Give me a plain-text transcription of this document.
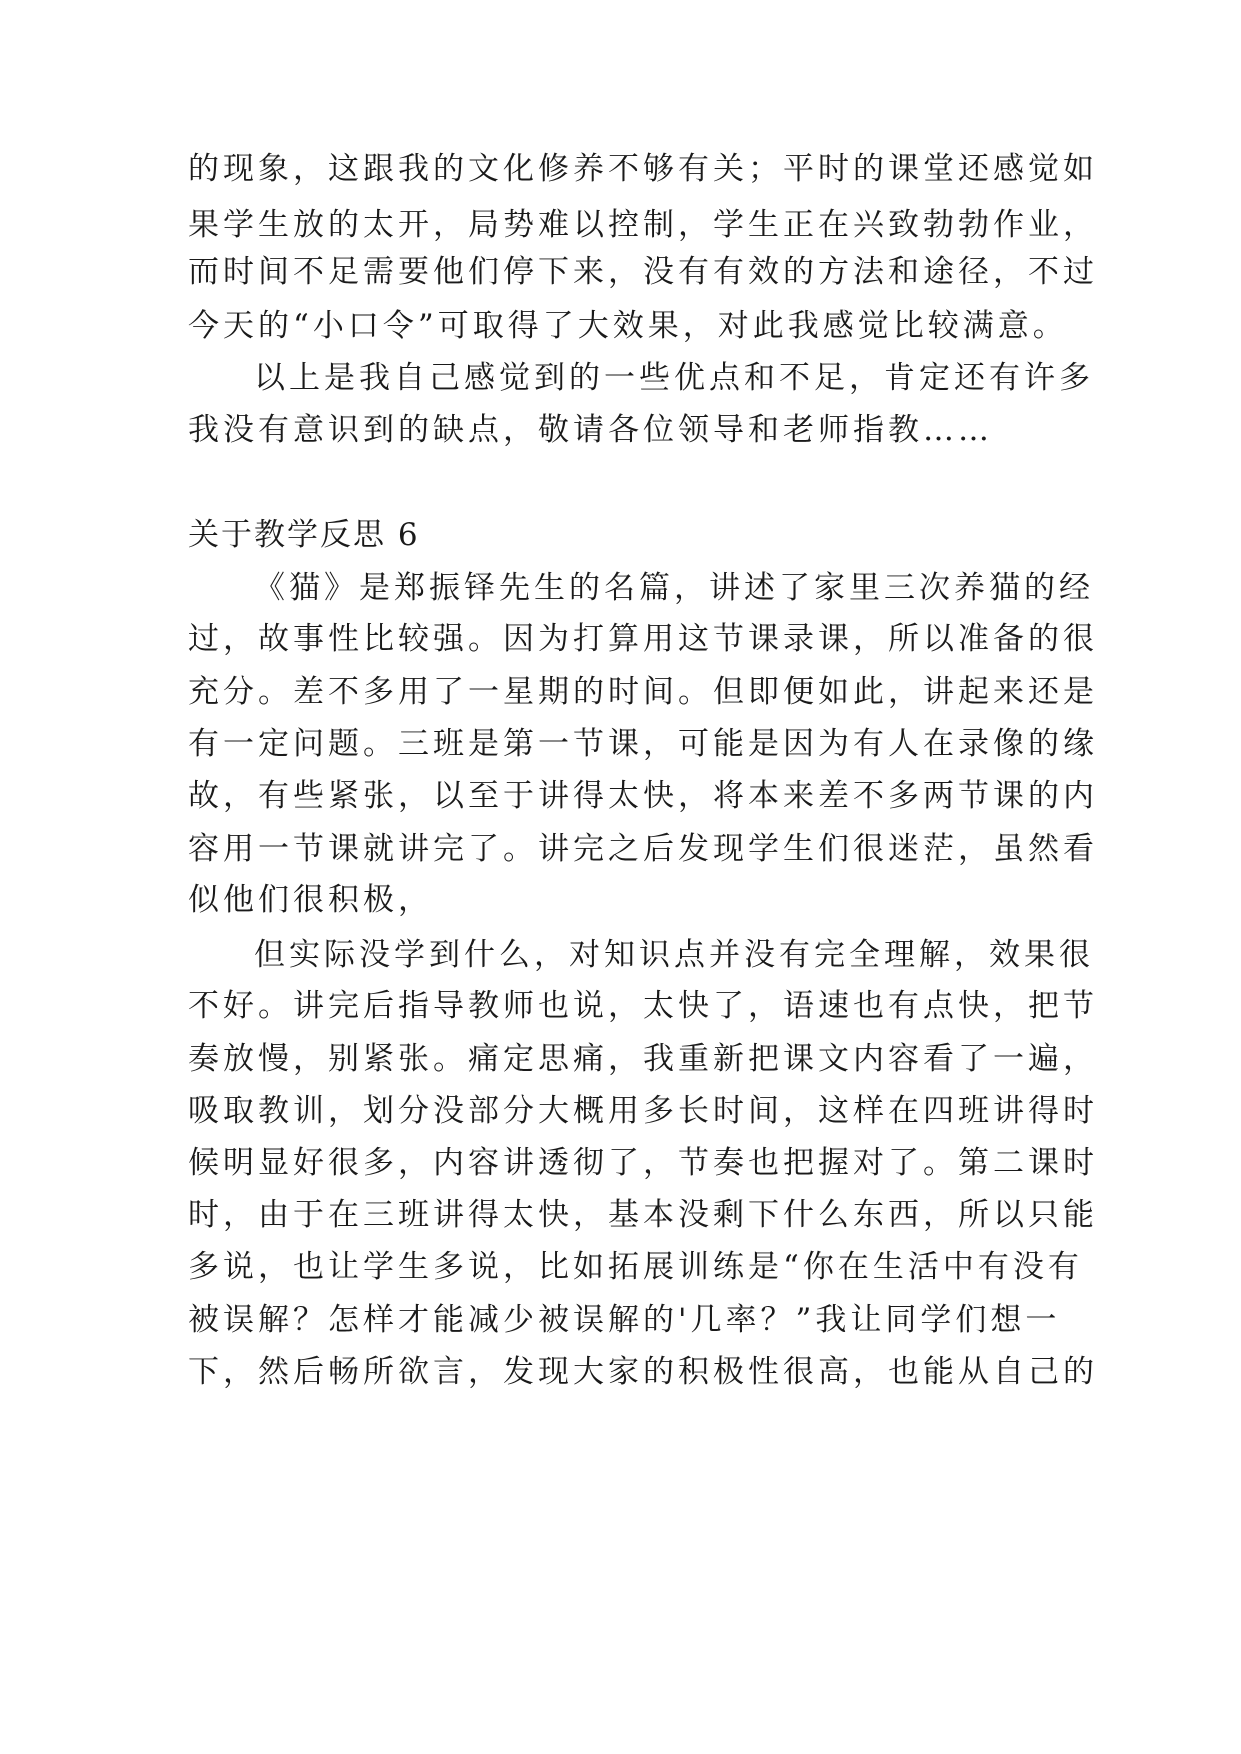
的现象，这跟我的文化修养不够有关；平时的课堂还感觉如
果学生放的太开，局势难以控制，学生正在兴致勃勃作业，
而时间不足需要他们停下来，没有有效的方法和途径，不过
今天的“小口令”可取得了大效果，对此我感觉比较满意。
以上是我自己感觉到的一些优点和不足，肯定还有许多
我没有意识到的缺点，敬请各位领导和老师指教……
关于教学反思 6
《猫》是郑振铎先生的名篇，讲述了家里三次养猫的经
过，故事性比较强。因为打算用这节课录课，所以准备的很
充分。差不多用了一星期的时间。但即便如此，讲起来还是
有一定问题。三班是第一节课，可能是因为有人在录像的缘
故，有些紧张，以至于讲得太快，将本来差不多两节课的内
容用一节课就讲完了。讲完之后发现学生们很迷茫，虽然看
似他们很积极，
但实际没学到什么，对知识点并没有完全理解，效果很
不好。讲完后指导教师也说，太快了，语速也有点快，把节
奏放慢，别紧张。痛定思痛，我重新把课文内容看了一遍，
吸取教训，划分没部分大概用多长时间，这样在四班讲得时
候明显好很多，内容讲透彻了，节奏也把握对了。第二课时
时，由于在三班讲得太快，基本没剩下什么东西，所以只能
多说，也让学生多说，比如拓展训练是“你在生活中有没有
被误解？怎样才能减少被误解的'几率？”我让同学们想一
下，然后畅所欲言，发现大家的积极性很高，也能从自己的
